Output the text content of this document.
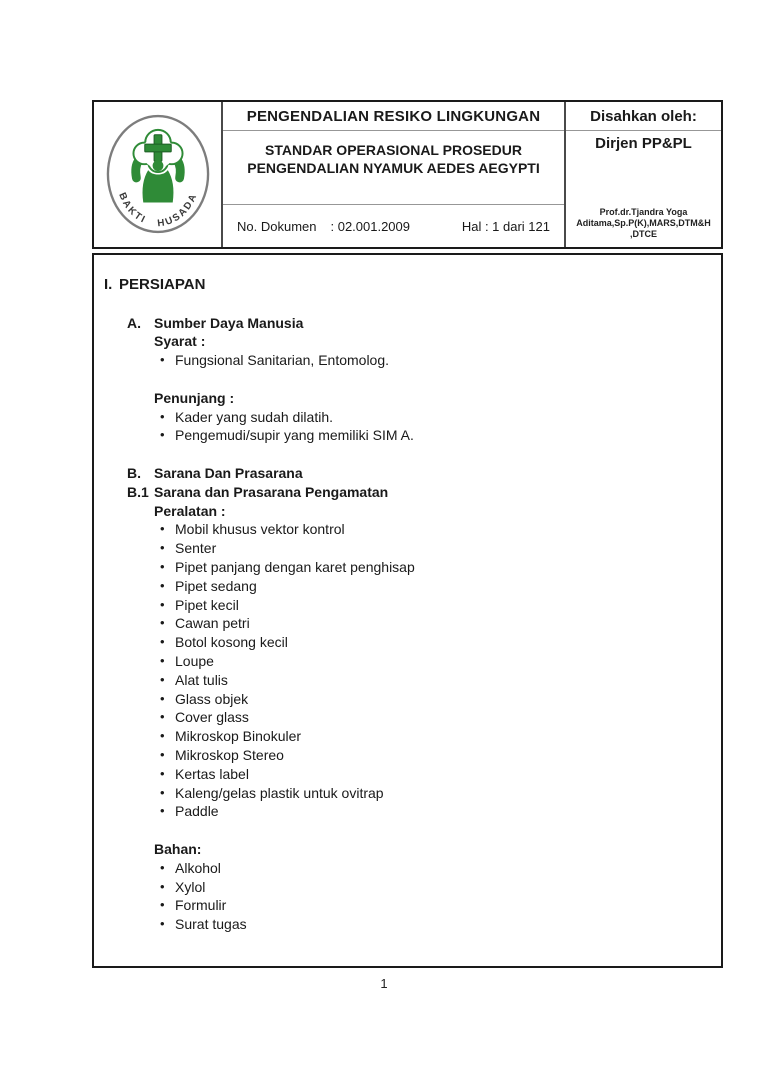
BAKTI HUSADA
PENGENDALIAN RESIKO LINGKUNGAN
STANDAR OPERASIONAL PROSEDUR
PENGENDALIAN NYAMUK AEDES AEGYPTI
No. Dokumen : 02.001.2009	Hal : 1 dari 121
Disahkan oleh:
Dirjen PP&PL
Prof.dr.Tjandra Yoga Aditama,Sp.P(K),MARS,DTM&H ,DTCE
I. PERSIAPAN
A. Sumber Daya Manusia
Syarat :
• Fungsional Sanitarian, Entomolog.
Penunjang :
• Kader yang sudah dilatih.
• Pengemudi/supir yang memiliki SIM A.
B. Sarana Dan Prasarana
B.1 Sarana dan Prasarana Pengamatan
Peralatan :
• Mobil khusus vektor kontrol
• Senter
• Pipet panjang dengan karet penghisap
• Pipet sedang
• Pipet kecil
• Cawan petri
• Botol kosong kecil
• Loupe
• Alat tulis
• Glass objek
• Cover glass
• Mikroskop Binokuler
• Mikroskop Stereo
• Kertas label
• Kaleng/gelas plastik untuk ovitrap
• Paddle
Bahan:
• Alkohol
• Xylol
• Formulir
• Surat tugas
1
